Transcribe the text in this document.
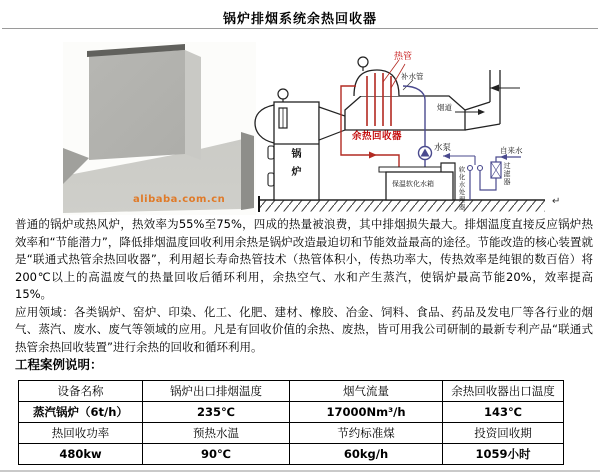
锅炉排烟系统余热回收器
alibaba.com.cn
锅炉
热管
补水管
烟道
余热回收器
水泵
保温软化水箱
自来水
过滤器
软化水处理器	↵

普通的锅炉或热风炉，热效率为55%至75%，四成的热量被浪费，其中排烟损失最大。排烟温度直接反应锅炉热效率和“节能潜力”，降低排烟温度回收利用余热是锅炉改造最迫切和节能效益最高的途径。节能改造的核心装置就是“联通式热管余热回收器”，利用超长寿命热管技术（热管体积小，传热功率大，传热效率是纯银的数百倍）将200℃以上的高温废气的热量回收后循环利用，余热空气、水和产生蒸汽，使锅炉最高节能20%，效率提高15%。

应用领域：各类锅炉、窑炉、印染、化工、化肥、建材、橡胶、冶金、饲料、食品、药品及发电厂等各行业的烟气、蒸汽、废水、废气等领域的应用。凡是有回收价值的余热、废热，皆可用我公司研制的最新专利产品“联通式热管余热回收装置”进行余热的回收和循环利用。

工程案例说明：

设备名称	锅炉出口排烟温度	烟气流量	余热回收器出口温度
蒸汽锅炉（6t/h）	235℃	17000Nm³/h	143℃
热回收功率	预热水温	节约标准煤	投资回收期
480kw	90℃	60kg/h	1059小时
